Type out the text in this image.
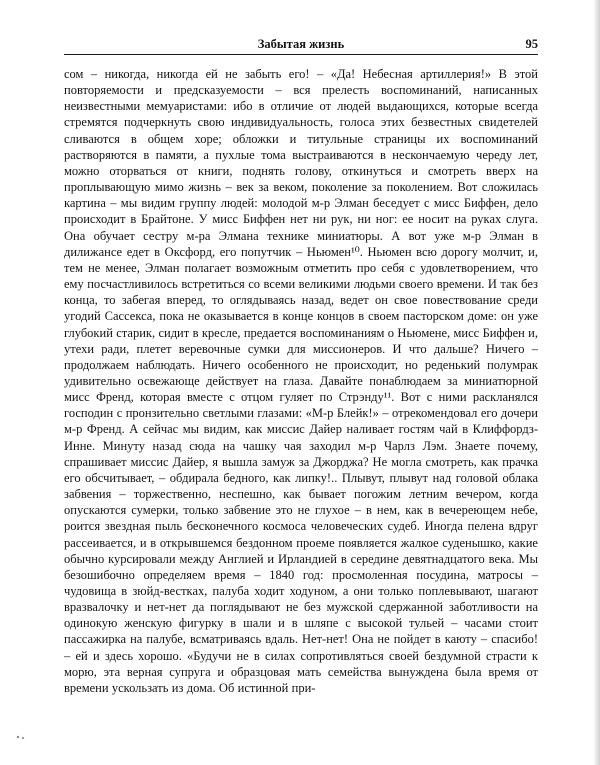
Забытая жизнь	95

сом – никогда, никогда ей не забыть его! – «Да! Небесная артиллерия!» В этой повторяемости и предсказуемости – вся прелесть воспоминаний, написанных неизвестными мемуаристами: ибо в отличие от людей выдающихся, которые всегда стремятся подчеркнуть свою индивидуальность, голоса этих безвестных свидетелей сливаются в общем хоре; обложки и титульные страницы их воспоминаний растворяются в памяти, а пухлые тома выстраиваются в нескончаемую череду лет, можно оторваться от книги, поднять голову, откинуться и смотреть вверх на проплывающую мимо жизнь – век за веком, поколение за поколением. Вот сложилась картина – мы видим группу людей: молодой м-р Элман беседует с мисс Биффен, дело происходит в Брайтоне. У мисс Биффен нет ни рук, ни ног: ее носит на руках слуга. Она обучает сестру м-ра Элмана технике миниатюры. А вот уже м-р Элман в дилижансе едет в Оксфорд, его попутчик – Ньюмен¹⁰. Ньюмен всю дорогу молчит, и, тем не менее, Элман полагает возможным отметить про себя с удовлетворением, что ему посчастливилось встретиться со всеми великими людьми своего времени. И так без конца, то забегая вперед, то оглядываясь назад, ведет он свое повествование среди угодий Сассекса, пока не оказывается в конце концов в своем пасторском доме: он уже глубокий старик, сидит в кресле, предается воспоминаниям о Ньюмене, мисс Биффен и, утехи ради, плетет веревочные сумки для миссионеров. И что дальше? Ничего – продолжаем наблюдать. Ничего особенного не происходит, но реденький полумрак удивительно освежающе действует на глаза. Давайте понаблюдаем за миниатюрной мисс Френд, которая вместе с отцом гуляет по Стрэнду¹¹. Вот с ними раскланялся господин с пронзительно светлыми глазами: «М-р Блейк!» – отрекомендовал его дочери м-р Френд. А сейчас мы видим, как миссис Дайер наливает гостям чай в Клиффордз-Инне. Минуту назад сюда на чашку чая заходил м-р Чарлз Лэм. Знаете почему, спрашивает миссис Дайер, я вышла замуж за Джорджа? Не могла смотреть, как прачка его обсчитывает, – обдирала бедного, как липку!.. Плывут, плывут над головой облака забвения – торжественно, неспешно, как бывает погожим летним вечером, когда опускаются сумерки, только забвение это не глухое – в нем, как в вечереющем небе, роится звездная пыль бесконечного космоса человеческих судеб. Иногда пелена вдруг рассеивается, и в открывшемся бездонном проеме появляется жалкое суденышко, какие обычно курсировали между Англией и Ирландией в середине девятнадцатого века. Мы безошибочно определяем время – 1840 год: просмоленная посудина, матросы – чудовища в зюйд-вестках, палуба ходит ходуном, а они только поплевывают, шагают вразвалочку и нет-нет да поглядывают не без мужской сдержанной заботливости на одинокую женскую фигурку в шали и в шляпе с высокой тульей – часами стоит пассажирка на палубе, всматриваясь вдаль. Нет-нет! Она не пойдет в каюту – спасибо! – ей и здесь хорошо. «Будучи не в силах сопротивляться своей бездумной страсти к морю, эта верная супруга и образцовая мать семейства вынуждена была время от времени ускользать из дома. Об истинной при-
